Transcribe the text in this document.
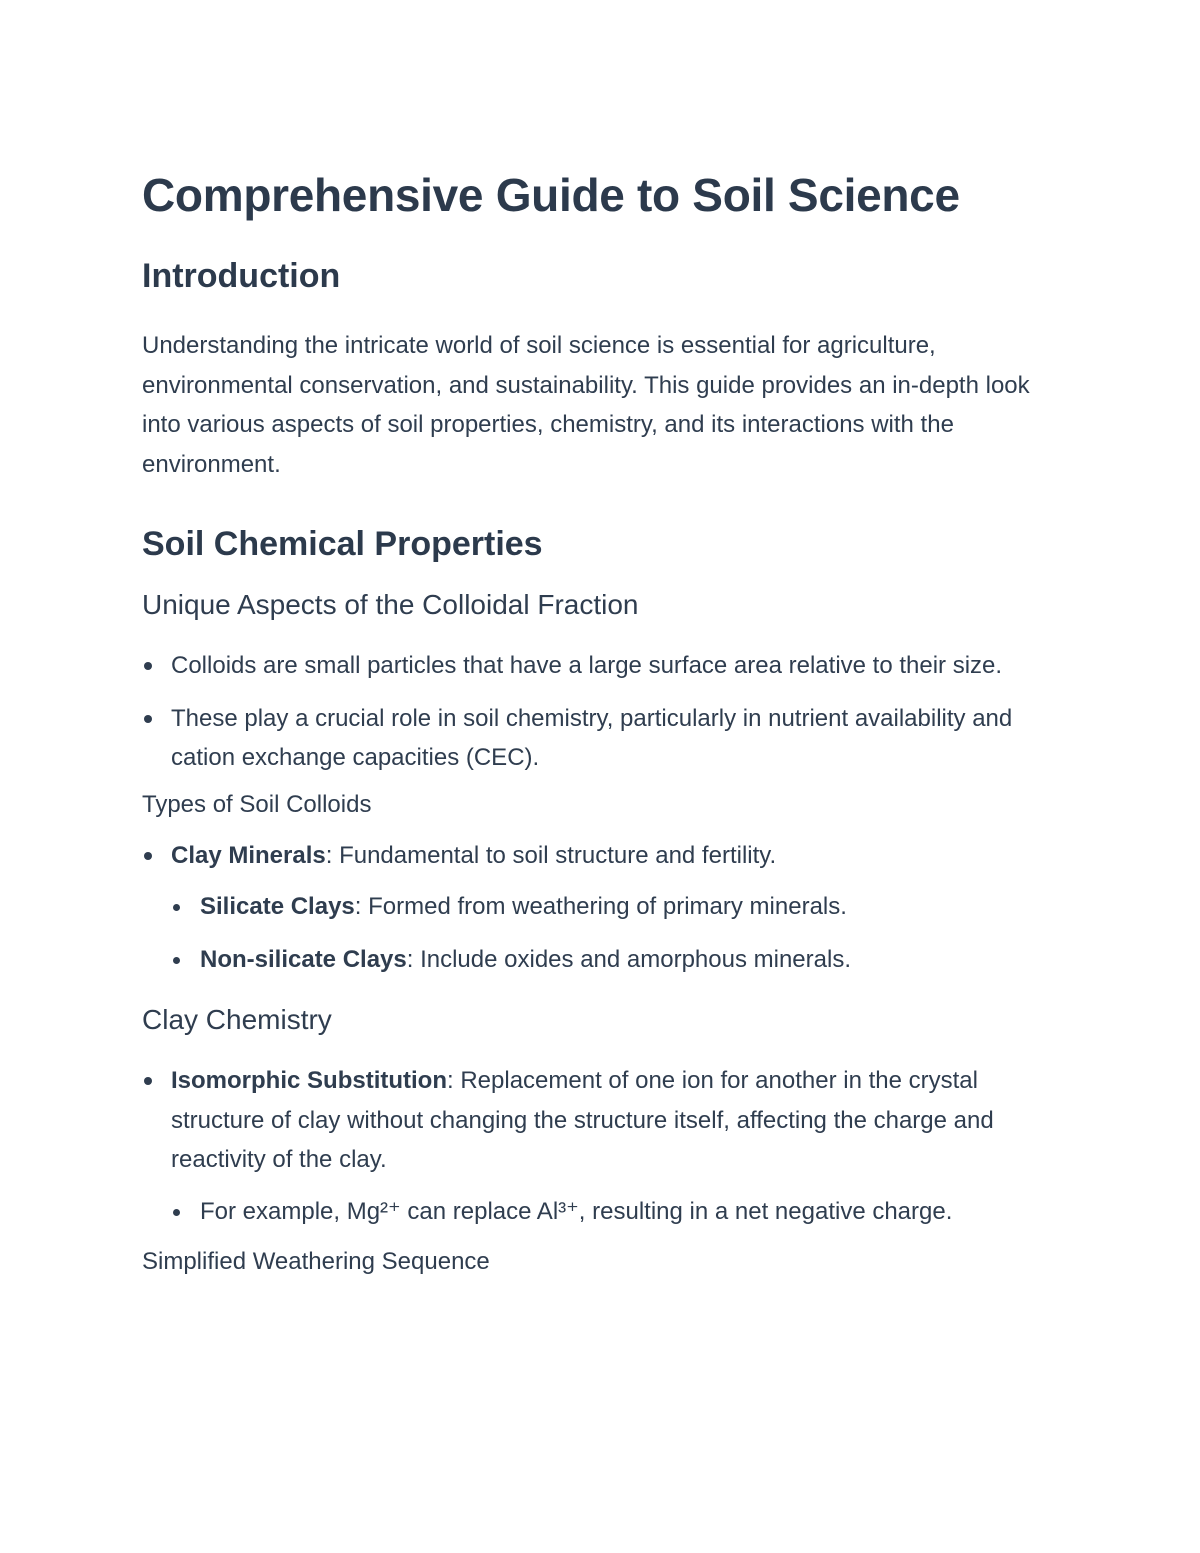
Comprehensive Guide to Soil Science
Introduction

Understanding the intricate world of soil science is essential for agriculture, environmental conservation, and sustainability. This guide provides an in-depth look into various aspects of soil properties, chemistry, and its interactions with the environment.

Soil Chemical Properties
Unique Aspects of the Colloidal Fraction
Colloids are small particles that have a large surface area relative to their size.
These play a crucial role in soil chemistry, particularly in nutrient availability and cation exchange capacities (CEC).
Types of Soil Colloids
Clay Minerals: Fundamental to soil structure and fertility.
Silicate Clays: Formed from weathering of primary minerals.
Non-silicate Clays: Include oxides and amorphous minerals.
Clay Chemistry
Isomorphic Substitution: Replacement of one ion for another in the crystal structure of clay without changing the structure itself, affecting the charge and reactivity of the clay.
For example, Mg²⁺ can replace Al³⁺, resulting in a net negative charge.
Simplified Weathering Sequence
